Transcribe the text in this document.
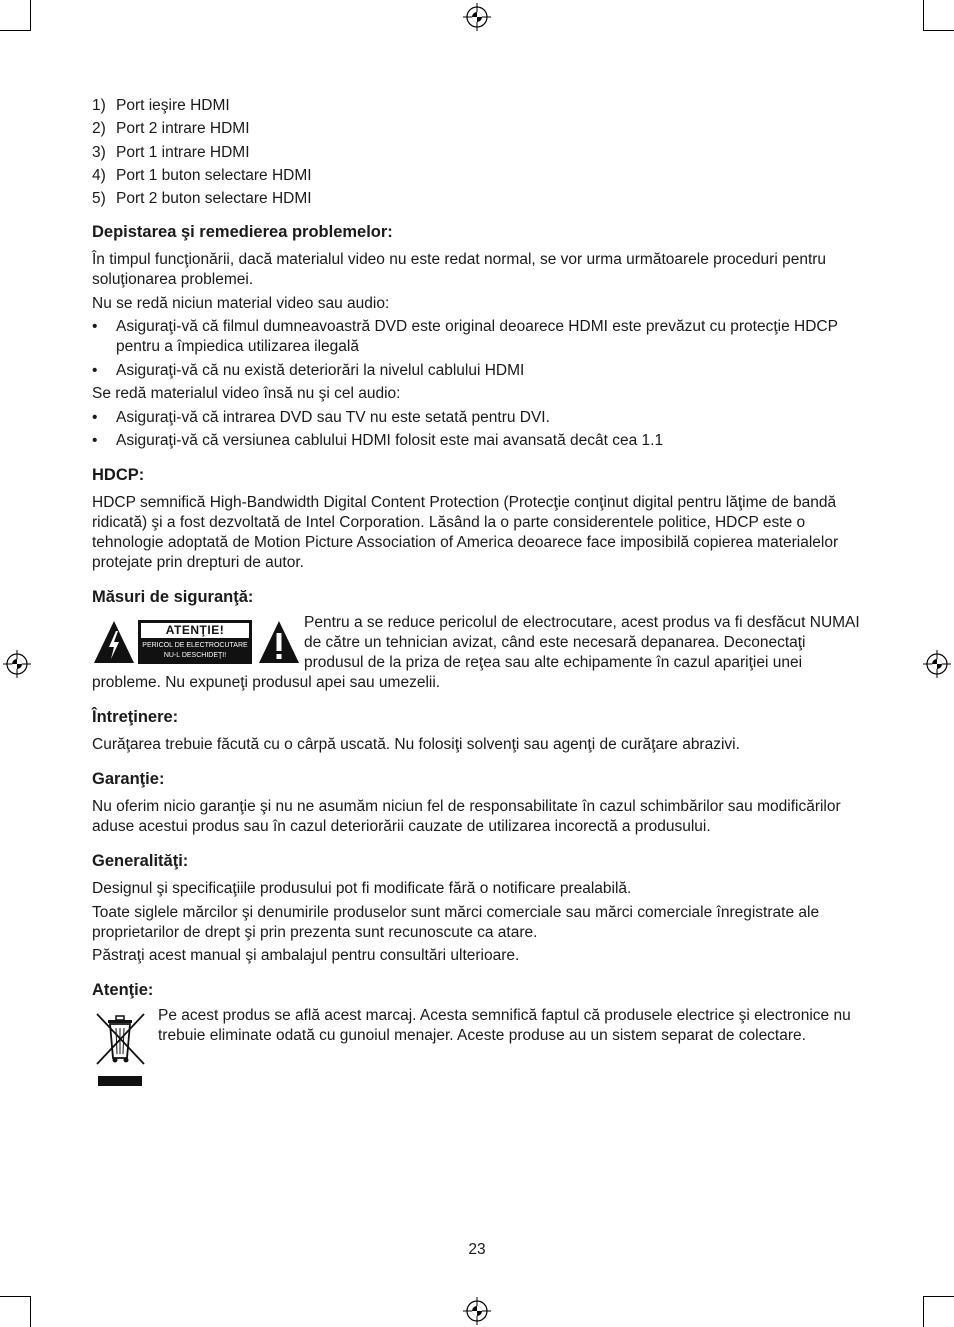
1) Port ieşire HDMI
2) Port 2 intrare HDMI
3) Port 1 intrare HDMI
4) Port 1 buton selectare HDMI
5) Port 2 buton selectare HDMI
Depistarea şi remedierea problemelor:

În timpul funcţionării, dacă materialul video nu este redat normal, se vor urma următoarele proceduri pentru soluţionarea problemei.

Nu se redă niciun material video sau audio:

•	Asiguraţi-vă că filmul dumneavoastră DVD este original deoarece HDMI este prevăzut cu protecţie HDCP pentru a împiedica utilizarea ilegală
•	Asiguraţi-vă că nu există deteriorări la nivelul cablului HDMI

Se redă materialul video însă nu şi cel audio:

•	Asiguraţi-vă că intrarea DVD sau TV nu este setată pentru DVI.
•	Asiguraţi-vă că versiunea cablului HDMI folosit este mai avansată decât cea 1.1
HDCP:

HDCP semnifică High-Bandwidth Digital Content Protection (Protecţie conţinut digital pentru lăţime de bandă ridicată) şi a fost dezvoltată de Intel Corporation. Lăsând la o parte considerentele politice, HDCP este o tehnologie adoptată de Motion Picture Association of America deoarece face imposibilă copierea materialelor protejate prin drepturi de autor.

Măsuri de siguranţă:
ATENŢIE!
PERICOL DE ELECTROCUTARE
NU-L DESCHIDEŢI!

Pentru a se reduce pericolul de electrocutare, acest produs va fi desfăcut NUMAI de către un tehnician avizat, când este necesară depanarea. Deconectaţi produsul de la priza de reţea sau alte echipamente în cazul apariţiei unei probleme. Nu expuneţi produsul apei sau umezelii.

Întreţinere:

Curăţarea trebuie făcută cu o cârpă uscată. Nu folosiţi solvenţi sau agenţi de curăţare abrazivi.

Garanţie:

Nu oferim nicio garanţie şi nu ne asumăm niciun fel de responsabilitate în cazul schimbărilor sau modificărilor aduse acestui produs sau în cazul deteriorării cauzate de utilizarea incorectă a produsului.

Generalităţi:

Designul şi specificaţiile produsului pot fi modificate fără o notificare prealabilă.

Toate siglele mărcilor şi denumirile produselor sunt mărci comerciale sau mărci comerciale înregistrate ale proprietarilor de drept şi prin prezenta sunt recunoscute ca atare.

Păstraţi acest manual şi ambalajul pentru consultări ulterioare.

Atenţie:

Pe acest produs se află acest marcaj. Acesta semnifică faptul că produsele electrice şi electronice nu trebuie eliminate odată cu gunoiul menajer. Aceste produse au un sistem separat de colectare.

23
